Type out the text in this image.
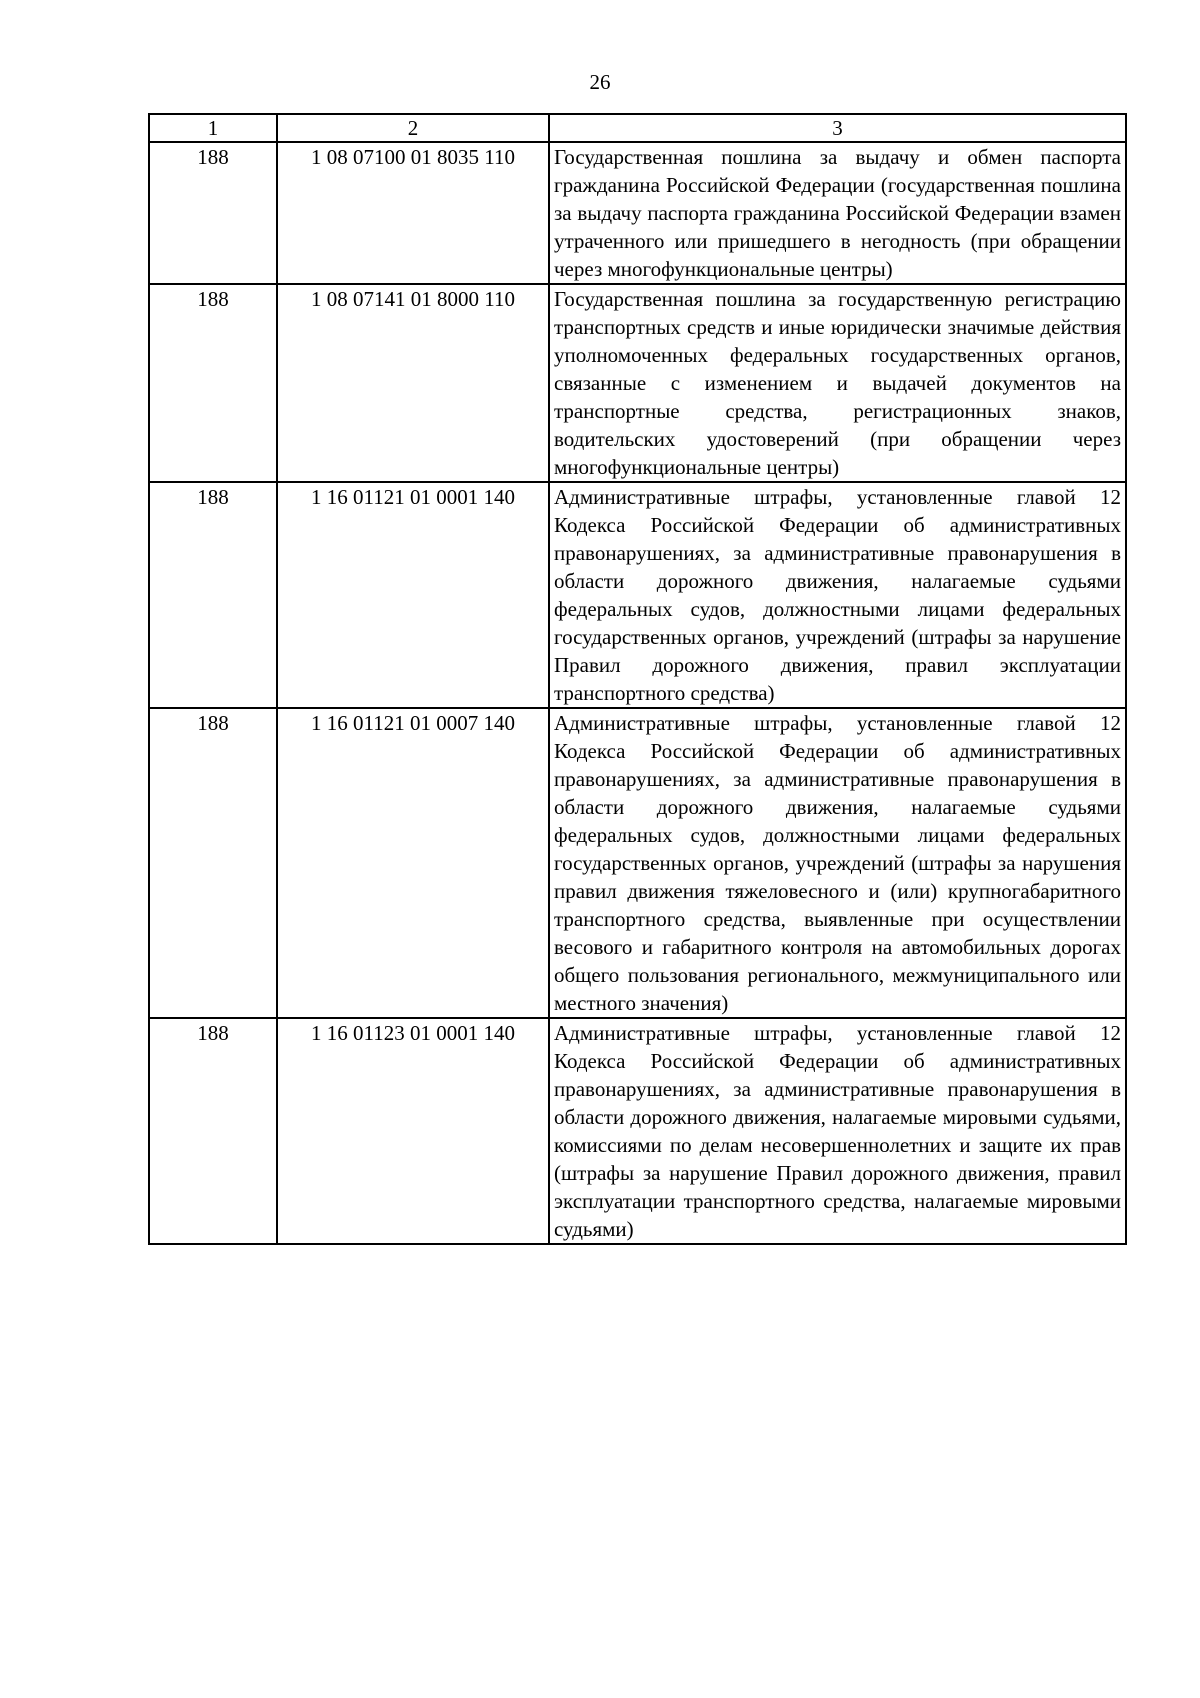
26
1	2	3
188	1 08 07100 01 8035 110	Государственная пошлина за выдачу и обмен паспорта гражданина Российской Федерации (государственная пошлина за выдачу паспорта гражданина Российской Федерации взамен утраченного или пришедшего в негодность (при обращении через многофункциональные центры)
188	1 08 07141 01 8000 110	Государственная пошлина за государственную регистрацию транспортных средств и иные юридически значимые действия уполномоченных федеральных государственных органов, связанные с изменением и выдачей документов на транспортные средства, регистрационных знаков, водительских удостоверений (при обращении через многофункциональные центры)
188	1 16 01121 01 0001 140	Административные штрафы, установленные главой 12 Кодекса Российской Федерации об административных правонарушениях, за административные правонарушения в области дорожного движения, налагаемые судьями федеральных судов, должностными лицами федеральных государственных органов, учреждений (штрафы за нарушение Правил дорожного движения, правил эксплуатации транспортного средства)
188	1 16 01121 01 0007 140	Административные штрафы, установленные главой 12 Кодекса Российской Федерации об административных правонарушениях, за административные правонарушения в области дорожного движения, налагаемые судьями федеральных судов, должностными лицами федеральных государственных органов, учреждений (штрафы за нарушения правил движения тяжеловесного и (или) крупногабаритного транспортного средства, выявленные при осуществлении весового и габаритного контроля на автомобильных дорогах общего пользования регионального, межмуниципального или местного значения)
188	1 16 01123 01 0001 140	Административные штрафы, установленные главой 12 Кодекса Российской Федерации об административных правонарушениях, за административные правонарушения в области дорожного движения, налагаемые мировыми судьями, комиссиями по делам несовершеннолетних и защите их прав (штрафы за нарушение Правил дорожного движения, правил эксплуатации транспортного средства, налагаемые мировыми судьями)
